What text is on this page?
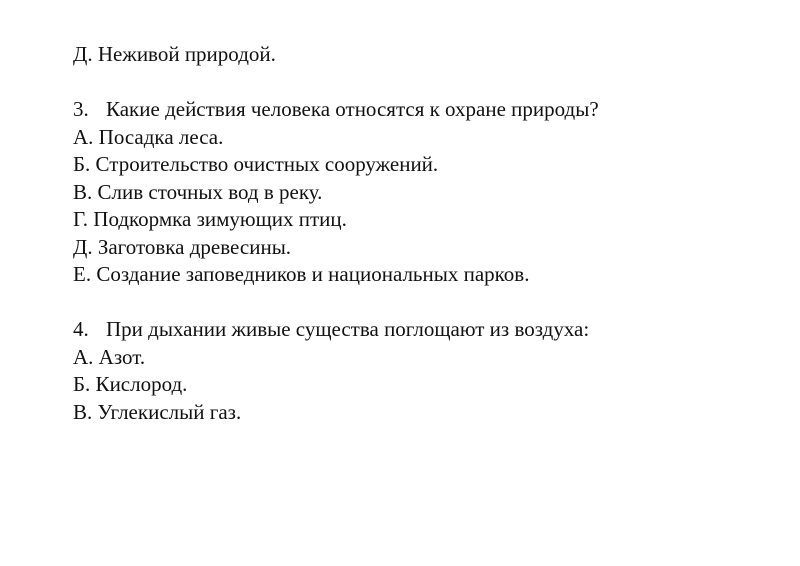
Д. Неживой природой.
3. Какие действия человека относятся к охране природы?
А. Посадка леса.
Б. Строительство очистных сооружений.
В. Слив сточных вод в реку.
Г. Подкормка зимующих птиц.
Д. Заготовка древесины.
Е. Создание заповедников и национальных парков.
4. При дыхании живые существа поглощают из воздуха:
А. Азот.
Б. Кислород.
В. Углекислый газ.
